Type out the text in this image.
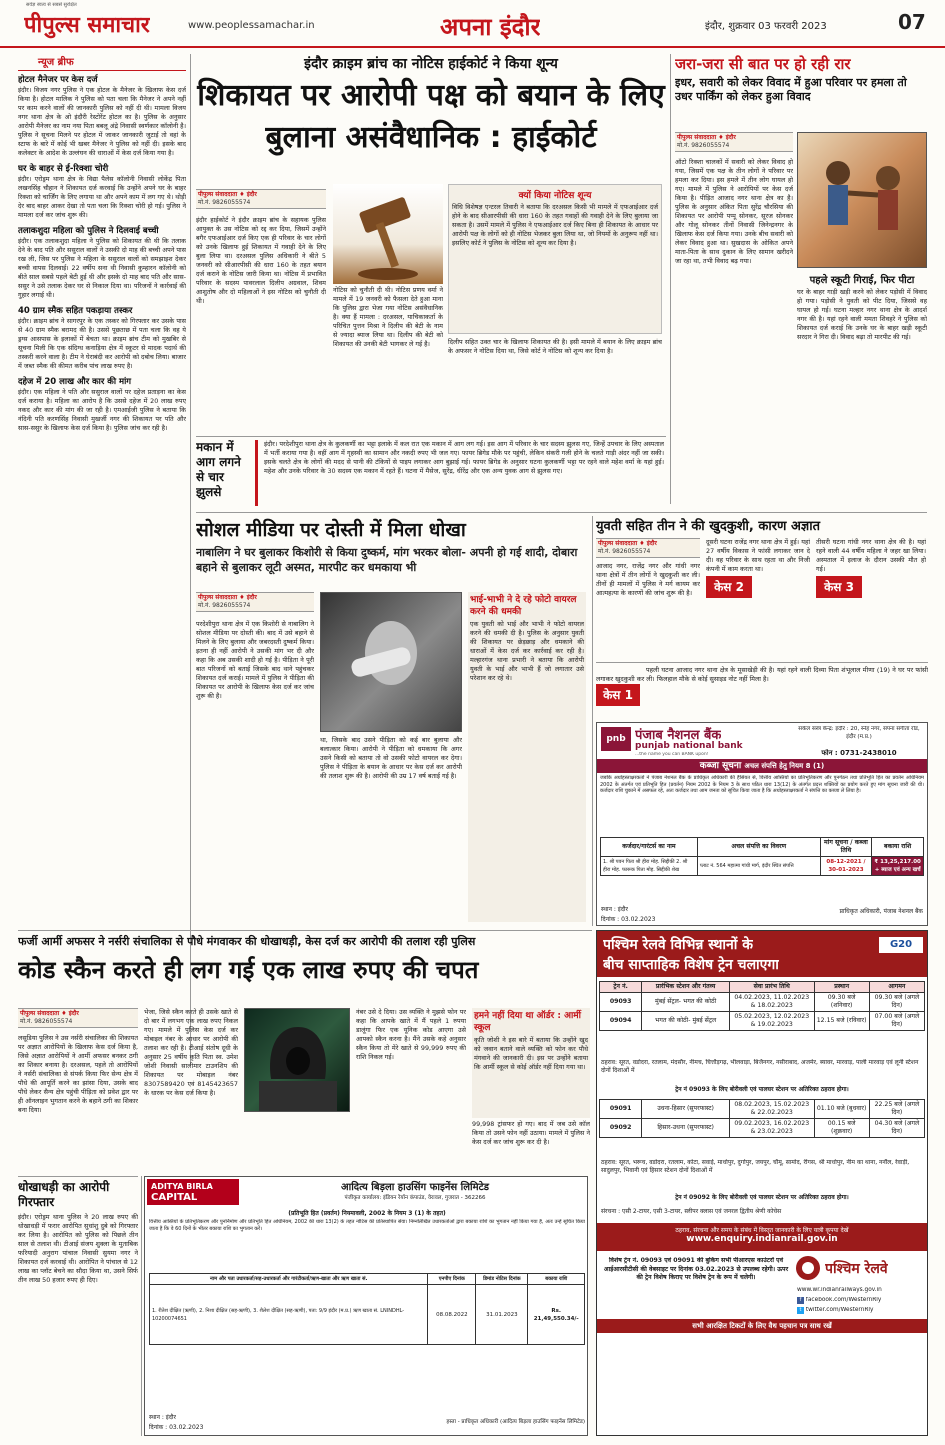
सर्वज्ञ स्वत्व से सबसे सुरक्षित
पीपुल्स समाचार	www.peoplessamachar.in	अपना इंदौर	इंदौर, शुक्रवार 03 फरवरी 2023	07
न्यूज ब्रीफ
होटल मैनेजर पर केस दर्ज
इंदौर। विजय नगर पुलिस ने एक होटल के मैनेजर के खिलाफ केस दर्ज किया है। होटल मालिक ने पुलिस को पता चला कि मैनेजर ने अपने नहीं पर काम करने वालों की जानकारी पुलिस को नहीं दी थी। मामला विजय नगर थाना क्षेत्र के ओ इंदौरी रेस्टोरेंट होटल का है। पुलिस के अनुसार आरोपी मैनेजर का नाम नया पिता बबलू अंद्रे निवासी स्वर्णकार कॉलोनी है। पुलिस ने सूचना मिलने पर होटल में जाकर जानकारी जुटाई तो वहां के स्टाफ के बारे में कोई भी खबर मैनेजर ने पुलिस को नहीं दी। इसके बाद कलेक्टर के आदेश के उल्लंघन की धाराओं में केस दर्ज किया गया है।
घर के बाहर से ई-रिक्शा चोरी
इंदौर। एरोड्रम थाना क्षेत्र के विद्या पैलेस कॉलोनी निवासी लोकेंद्र पिता लखनसिंह चौहान ने शिकायत दर्ज करवाई कि उन्होंने अपने घर के बाहर रिक्शा को चार्जिंग के लिए लगाया था और अपने काम में लग गए थे। थोड़ी देर बाद बाहर आकर देखा तो पता चला कि रिक्शा चोरी हो गई। पुलिस ने मामला दर्ज कर जांच शुरू की।
तलाकशुदा महिला को पुलिस ने दिलवाई बच्ची
इंदौर। एक तलाकशुदा महिला ने पुलिस को शिकायत की थी कि तलाक देने के बाद पति और ससुराल वालों ने उसकी दो माह की बच्ची अपने पास रख ली, जिस पर पुलिस ने महिला के ससुराल वालों को समझाइश देकर बच्ची वापस दिलवाई। 22 वर्षीय सना थी निवासी कुम्हारन कॉलोनी को बीते साल सबसे पहले बेटी हुई थी और इसके दो माह बाद पति और सास-ससुर ने उसे तलाक देकर घर से निकाल दिया था। परिजनों ने कार्रवाई की गुहार लगाई थी।
40 ग्राम स्मैक सहित पकड़ाया तस्कर
इंदौर। क्राइम ब्रांच ने सागरपुर के एक तस्कर को गिरफ्तार कर उसके पास से 40 ग्राम स्मैक बरामद की है। उससे पूछताछ में पता चला कि वह ये ड्रग्स आसपास के इलाकों में बेचता था। क्राइम ब्रांच टीम को मुखबिर से सूचना मिली कि एक संदिग्ध कनाड़िया क्षेत्र में स्कूटर से मादक पदार्थ की तस्करी करने वाला है। टीम ने घेराबंदी कर आरोपी को दबोच लिया। बाजार में जब्त स्मैक की कीमत करीब पांच लाख रुपए है।
दहेज में 20 लाख और कार की मांग
इंदौर। एक महिला ने पति और ससुराल वालों पर दहेज प्रताड़ना का केस दर्ज कराया है। महिला का आरोप है कि उससे दहेज में 20 लाख रुपए नकद और कार की मांग की जा रही है। एमआईजी पुलिस ने बताया कि नंदिनी पति करणसिंह निवासी मुखर्जी नगर की शिकायत पर पति और सास-ससुर के खिलाफ केस दर्ज किया है। पुलिस जांच कर रही है।
इंदौर क्राइम ब्रांच का नोटिस हाईकोर्ट ने किया शून्य
शिकायत पर आरोपी पक्ष को बयान के लिए बुलाना असंवैधानिक : हाईकोर्ट
पीपुल्स संवाददाता ♦ इंदौर
मो.नं. 9826055574
इंदौर हाईकोर्ट ने इंदौर क्राइम ब्रांच के सहायक पुलिस आयुक्त के उस नोटिस को रद्द कर दिया, जिसमें उन्होंने बगैर एफआईआर दर्ज किए एक ही परिवार के चार लोगों को उनके खिलाफ हुई शिकायत में गवाही देने के लिए बुला लिया था। दरअसल पुलिस अधिकारी ने बीते 5 जनवरी को सीआरपीसी की धारा 160 के तहत बयान दर्ज कराने के नोटिस जारी किया था। नोटिस में प्रभावित परिवार के सदस्य पावरलाल दिलीप अग्रवाल, शिवम आशुतोष और दो महिलाओं ने इस नोटिस को चुनौती दी थी।
नोटिस को चुनौती दी थी। नोटिस प्रणय वर्मा ने मामले में 19 जनवरी को फैसला देते हुआ माना कि पुलिस द्वारा भेजा गया नोटिस असंवैधानिक है। क्या हैं मामला : दरअसल, याचिकाकर्ता के परिचित पुत्तन मिश्रा ने दिलीप की बेटी के नाम से ज्यादा ब्याज लिया था। दिलीप की बेटी को शिकायत की उनकी बेटी भागकर ले गई है।
क्यों किया नोटिस शून्य
विधि विशेषज्ञ एन्टरल तिवारी ने बताया कि दरअसल किसी भी मामले में एफआईआर दर्ज होने के बाद सीआरपीसी की धारा 160 के तहत गवाहों की गवाही देने के लिए बुलाया जा सकता है। उसमें मामले में पुलिस ने एफआईआर दर्ज किए बिना ही शिकायत के आधार पर आरोपी पक्ष के लोगों को ही नोटिस भेजकर बुला लिया था, जो नियमों के अनुरूप नहीं था। इसलिए कोर्ट ने पुलिस के नोटिस को शून्य कर दिया है।
दिलीप सहित उक्त चार के खिलाफ शिकायत की है। इसी मामले में बयान के लिए क्राइम ब्रांच के अफसर ने नोटिस दिया था, जिसे कोर्ट ने नोटिस को शून्य कर दिया है।
मकान में आग लगने से चार झुलसे
इंदौर। परदेशीपुरा थाना क्षेत्र के कुलकर्णी का भट्टा इलाके में कल रात एक मकान में आग लग गई। इस आग में परिवार के चार सदस्य झुलस गए, जिन्हें उपचार के लिए अस्पताल में भर्ती कराया गया है। वहीं आग में गृहस्थी का सामान और नकदी रुपए भी जल गए। फायर ब्रिगेड मौके पर पहुंची, लेकिन संकरी गली होने के चलते गाड़ी अंदर नहीं जा सकी। इसके चलते क्षेत्र के लोगों की मदद से पानी की टंकियों से पाइप लगाकर आग बुझाई गई। फायर ब्रिगेड के अनुसार घटना कुलकर्णी भट्टा पर रहने वाले महेश वर्मा के यहां हुई। महेश और उनके परिवार के 30 सदस्य एक मकान में रहते हैं। घटना में मैसेज, सुरेंद्र, धीरेंद्र और एक अन्य युवक आग से झुलस गए।
जरा-जरा सी बात पर हो रही रार
इधर, सवारी को लेकर विवाद में हुआ परिवार पर हमला तो उधर पार्किंग को लेकर हुआ विवाद
पीपुल्स संवाददाता ♦ इंदौर
मो.नं. 9826055574
ऑटो रिक्शा चालकों में सवारी को लेकर विवाद हो गया, जिसमें एक पक्ष के तीन लोगों ने परिवार पर हमला कर दिया। इस हमले में तीन लोग घायल हो गए। मामले में पुलिस ने आरोपियों पर केस दर्ज किया है। पीड़ित आजाद नगर थाना क्षेत्र का है। पुलिस के अनुसार अंकित पिता सुरेंद्र चौरसिया की शिकायत पर आरोपी पप्पू सोनकर, सूरज सोनकर और गोलू सोनकर तीनों निवासी जिनेन्द्रनगर के खिलाफ केस दर्ज किया गया। उनके बीच सवारी को लेकर विवाद हुआ था। सुखदास के ओकित अपने माता-पिता के साथ दुकान के लिए सामान खरीदने जा रहा था, तभी विवाद बढ़ गया।
पहले स्कूटी गिराई, फिर पीटा
घर के बाहर गाड़ी खड़ी करने को लेकर पड़ोसी में विवाद हो गया। पड़ोसी ने युवती को पीट दिया, जिससे वह घायल हो गई। घटना मल्हार नगर थाना क्षेत्र के आदर्श नगर की है। यहां रहने वाली ममता शिवहरे ने पुलिस को शिकायत दर्ज कराई कि उनके घर के बाहर खड़ी स्कूटी सरदार ने गिरा दी। विवाद बढ़ा तो मारपीट की गई।
सोशल मीडिया पर दोस्ती में मिला धोखा
नाबालिग ने घर बुलाकर किशोरी से किया दुष्कर्म, मांग भरकर बोला- अपनी हो गई शादी, दोबारा बहाने से बुलाकर लूटी अस्मत, मारपीट कर धमकाया भी
पीपुल्स संवाददाता ♦ इंदौर
मो.नं. 9826055574
परदेशीपुरा थाना क्षेत्र में एक किशोरी से नाबालिग ने सोशल मीडिया पर दोस्ती की। बाद में उसे बहाने से मिलने के लिए बुलाया और जबरदस्ती दुष्कर्म किया। इतना ही नहीं आरोपी ने उसकी मांग भर दी और कहा कि अब उसकी शादी हो गई है। पीड़िता ने पूरी बात परिजनों को बताई जिसके बाद थाने पहुंचकर शिकायत दर्ज कराई। मामले में पुलिस ने पीड़िता की शिकायत पर आरोपी के खिलाफ केस दर्ज कर जांच शुरू की है।
था, जिसके बाद उसने पीड़िता को कई बार बुलाया और बलात्कार किया। आरोपी ने पीड़िता को धमकाया कि अगर उसने किसी को बताया तो वो उसकी फोटो वायरल कर देगा। पुलिस ने पीड़िता के बयान के आधार पर केस दर्ज कर आरोपी की तलाश शुरू की है। आरोपी की उम्र 17 वर्ष बताई गई है।
भाई-भाभी ने दे रहे फोटो वायरल करने की धमकी
एक युवती को भाई और भाभी ने फोटो वायरल करने की धमकी दी है। पुलिस के अनुसार युवती की शिकायत पर छेड़छाड़ और धमकाने की धाराओं में केस दर्ज कर कार्रवाई कर रही है। मल्हारगंज थाना प्रभारी ने बताया कि आरोपी युवती के भाई और भाभी हैं जो लगातार उसे परेशान कर रहे थे।
युवती सहित तीन ने की खुदकुशी, कारण अज्ञात
पीपुल्स संवाददाता ♦ इंदौर
मो.नं. 9826055574
आजाद नगर, राजेंद्र नगर और गांधी नगर थाना क्षेत्रों में तीन लोगों ने खुदकुशी कर ली। तीनों ही मामलों में पुलिस ने मर्ग कायम कर आत्महत्या के कारणों की जांच शुरू की है।	केस 2
दूसरी घटना राजेंद्र नगर थाना क्षेत्र में हुई। यहां 27 वर्षीय विकास ने फांसी लगाकर जान दे दी। वह परिवार के साथ रहता था और निजी कंपनी में काम करता था।
केस 3
तीसरी घटना गांधी नगर थाना क्षेत्र की है। यहां रहने वाली 44 वर्षीय महिला ने जहर खा लिया। अस्पताल में इलाज के दौरान उसकी मौत हो गई।
केस 1
पहली घटना आजाद नगर थाना क्षेत्र के मूसाखेड़ी की है। यहां रहने वाली दिव्या पिता शंभूलाल मीणा (19) ने घर पर फांसी लगाकर खुदकुशी कर ली। फिलहाल मौके से कोई सुसाइड नोट नहीं मिला है।
pnb पंजाब नैशनल बैंक
punjab national bank
...the name you can BANK upon!
सर्कल सस्त्र केन्द्र: इंदौर : 20, स्नेह नगर, सपना संगीता रोड, इंदौर (म.प्र.)
फोन : 0731-2438010
कब्जा सूचना अचल संपत्ति हेतु नियम 8 (1)
जबकि अधोहस्ताक्षरकर्ता ने पंजाब नेशनल बैंक के प्राधिकृत अधिकारी की हैसियत से, वित्तीय आस्तियों का प्रतिभूतिकरण और पुनर्गठन तथा प्रतिभूति हित का प्रवर्तन अधिनियम 2002 के अंतर्गत एवं प्रतिभूति हित (प्रवर्तन) नियम 2002 के नियम 3 के साथ पठित धारा 13(12) के अंतर्गत प्रदत्त शक्तियों का प्रयोग करते हुए मांग सूचना जारी की थी। कर्जदार राशि चुकाने में असफल रहे, अतः कर्जदार तथा आम जनता को सूचित किया जाता है कि अधोहस्ताक्षरकर्ता ने संपत्ति का कब्जा ले लिया है।
कर्जदार/गारंटर्स का नाम	अचल संपत्ति का विवरण	मांग सूचना / कब्जा तिथि	बकाया राशि
1. श्री पवन पिता श्री हीरा मोह. सिद्दीकी 2. श्री हीरा मोह. फारूक पिता मोह. सिद्दीकी शेख	प्लाट नं. 564 महात्मा गांधी मार्ग, इंदौर स्थित संपत्ति	08-12-2021 / 30-01-2023	₹ 13,25,217.00 + ब्याज एवं अन्य खर्च
स्थान : इंदौर
दिनांक : 03.02.2023
प्राधिकृत अधिकारी, पंजाब नेशनल बैंक
फर्जी आर्मी अफसर ने नर्सरी संचालिका से पौधे मंगवाकर की धोखाधड़ी, केस दर्ज कर आरोपी की तलाश रही पुलिस
कोड स्कैन करते ही लग गई एक लाख रुपए की चपत
पीपुल्स संवाददाता ♦ इंदौर
मो.नं. 9826055574
लसूडिया पुलिस ने उस नर्सरी संचालिका की शिकायत पर अज्ञात आरोपियों के खिलाफ केस दर्ज किया है, जिसे अज्ञात आरोपियों ने आर्मी अफसर बनकर ठगी का शिकार बनाया है। दरअसल, पहले तो आरोपियों ने नर्सरी संचालिका से संपर्क किया फिर सेन्य क्षेत्र में पौधे की आपूर्ति करने का झांसा दिया, उसके बाद पौधे लेकर सैन्य क्षेत्र पहुंची पीड़िता को प्रवेश द्वार पर ही ऑनलाइन भुगतान करने के बहाने ठगी का शिकार बना दिया।
भेजा, जिसे स्कैन करते ही उसके खाते से दो बार में लगभग एक लाख रुपए निकल गए। मामले में पुलिस केस दर्ज कर मोबाइल नंबर के आधार पर आरोपी की तलाश कर रही है। टीआई संतोष दूधी के अनुसार 25 वर्षीय कृति पिता स्व. उमेश जोशी निवासी सालीमार टाउनशिप की शिकायत पर मोबाइल नंबर 8307589420 एवं 8145423657 के धारक पर केस दर्ज किया है।
नंबर उसे दे दिया। उस व्यक्ति ने मुझसे फोन पर कहा कि आपके खाते में मैं पहले 1 रुपया डालूंगा फिर एक यूनिक कोड आएगा उसे आपको स्कैन करना है। मैंने उसके कहे अनुसार स्कैन किया तो मेरे खाते से 99,999 रुपए की राशि निकल गई।
हमने नहीं दिया था ऑर्डर : आर्मी स्कूल
कृति जोशी ने इस बारे में बताया कि उन्होंने खुद को जवान बताने वाले व्यक्ति को फोन कर पौधे मंगवाने की जानकारी दी। इस पर उन्होंने बताया कि आर्मी स्कूल से कोई ऑर्डर नहीं दिया गया था।
99,998 ट्रांसफर हो गए। बाद में जब उसे कॉल किया तो उसने फोन नहीं उठाया। मामले में पुलिस ने केस दर्ज कर जांच शुरू कर दी है।
धोखाधड़ी का आरोपी गिरफ्तार
इंदौर। एरोड्रम थाना पुलिस ने 20 लाख रुपए की धोखाधड़ी में फरार आरोपित सुधांशु दुबे को गिरफ्तार कर लिया है। आरोपित को पुलिस को पिछले तीन साल से तलाश थी। टीआई संजय शुक्ला के मुताबिक फरियादी अनुराग पांचाल निवासी सुयमा नगर ने शिकायत दर्ज करवाई थी। आरोपित ने पांचाल से 12 लाख का प्लॉट बेचने का सौदा किया था, उसने सिर्फ तीन लाख 50 हजार रुपए ही दिए।
ADITYA BIRLA
CAPITAL
आदित्य बिड़ला हाउसिंग फाइनेंस लिमिटेड
पंजीकृत कार्यालय: इंडियन रेयॉन कंपाउंड, वेरावल, गुजरात - 362266
(प्रतिभूति हित (प्रवर्तन) नियमावली, 2002 के नियम 3 (1) के तहत)
वित्तीय आस्तियों के प्रतिभूतिकरण और पुनर्निर्माण और प्रतिभूति हित अधिनियम, 2002 की धारा 13(2) के तहत नोटिस की प्रतिस्थापित सेवा। निम्नलिखित उधारकर्ताओं द्वारा बकाया राशि का भुगतान नहीं किया गया है, अतः उन्हें सूचित किया जाता है कि वे 60 दिनों के भीतर बकाया राशि का भुगतान करें।
नाम और पता उधारकर्ता/सह-उधारकर्ता और गारंटीकर्ता/ऋण-खाता और ऋण खाता सं.	एनपीए दिनांक	डिमांड नोटिस दिनांक	बकाया राशि
1. रीतेश दीक्षित (ऋणी), 2. निशा दीक्षित (सह-ऋणी), 3. शैलेश दीक्षित (सह-ऋणी), पता: 9/9 इंदौर (म.प्र.) ऋण खाता सं. LNINDHL-10200074651	08.08.2022	31.01.2023	Rs. 21,49,550.34/-
स्थान : इंदौर
दिनांक : 03.02.2023
हस्ता - प्राधिकृत अधिकारी (आदित्य बिड़ला हाउसिंग फाइनेंस लिमिटेड)
पश्चिम रेलवे विभिन्न स्थानों के
बीच साप्ताहिक विशेष ट्रेन चलाएगा
G20
ट्रेन नं.	प्रारंभिक स्टेशन और गंतव्य	सेवा प्रारंभ तिथि	प्रस्थान	आगमन
09093	मुंबई सेंट्रल- भगत की कोठी	04.02.2023, 11.02.2023 & 18.02.2023	09.30 बजे (शनिवार)	09.30 बजे (अगले दिन)
09094	भगत की कोठी- मुंबई सेंट्रल	05.02.2023, 12.02.2023 & 19.02.2023	12.15 बजे (रविवार)	07.00 बजे (अगले दिन)
ठहराव: सूरत, वडोदरा, रतलाम, मंदसौर, नीमच, चित्तौड़गढ़, भीलवाड़ा, बिजैनगर, नसीराबाद, अजमेर, ब्यावर, मारवाड़, पाली मारवाड़ एवं लूनी स्टेशन दोनों दिशाओं में
ट्रेन नं 09093 के लिए बोरीवली एवं पालघर स्टेशन पर अतिरिक्त ठहराव होगा।
09091	उधना-हिसार (सुपरफास्ट)	08.02.2023, 15.02.2023 & 22.02.2023	01.10 बजे (बुधवार)	22.25 बजे (अगले दिन)
09092	हिसार-उधना (सुपरफास्ट)	09.02.2023, 16.02.2023 & 23.02.2023	00.15 बजे (शुक्रवार)	04.30 बजे (अगले दिन)
ठहराव: सूरत, भरूच, वडोदरा, रतलाम, कोटा, सवाई, माधोपुर, दुर्गापुर, जयपुर, चौमू, सामोद, रींगस, श्री माधोपुर, नीम का थाना, नर्नौल, रेवाड़ी, सादुलपुर, भिवानी एवं हिसार स्टेशन दोनों दिशाओं में
ट्रेन नं 09092 के लिए बोरीवली एवं पालघर स्टेशन पर अतिरिक्त ठहराव होगा।
संरचना : एसी 2-टायर, एसी 3-टायर, स्लीपर क्लास एवं जनरल द्वितीय श्रेणी कोचेस
ठहराव, संरचना और समय के संबंध में विस्तृत जानकारी के लिए यात्री कृपया देखें
www.enquiry.indianrail.gov.in
विशेष ट्रेन नं. 09093 एवं 09091 की बुकिंग सभी पीआरएस काउंटरों एवं आईआरसीटीसी की वेबसाइट पर दिनांक 03.02.2023 से उपलब्ध रहेगी। ऊपर की ट्रेन विशेष किराए पर विशेष ट्रेन के रूप में चलेगी।
पश्चिम रेलवे
www.wr.indianrailways.gov.in
f facebook.com/WesternRly
t twitter.com/WesternRly
सभी आरक्षित टिकटों के लिए वैध पहचान पत्र साथ रखें
